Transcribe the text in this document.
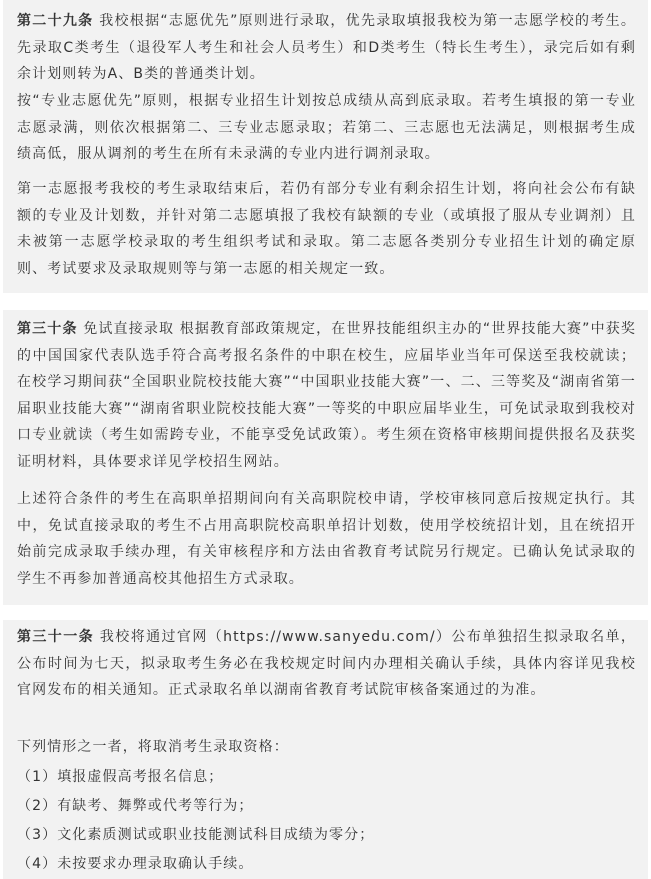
第二十九条 我校根据“志愿优先”原则进行录取，优先录取填报我校为第一志愿学校的考生。先录取C类考生（退役军人考生和社会人员考生）和D类考生（特长生考生），录完后如有剩余计划则转为A、B类的普通类计划。

按“专业志愿优先”原则，根据专业招生计划按总成绩从高到底录取。若考生填报的第一专业志愿录满，则依次根据第二、三专业志愿录取；若第二、三志愿也无法满足，则根据考生成绩高低，服从调剂的考生在所有未录满的专业内进行调剂录取。

第一志愿报考我校的考生录取结束后，若仍有部分专业有剩余招生计划，将向社会公布有缺额的专业及计划数，并针对第二志愿填报了我校有缺额的专业（或填报了服从专业调剂）且未被第一志愿学校录取的考生组织考试和录取。第二志愿各类别分专业招生计划的确定原则、考试要求及录取规则等与第一志愿的相关规定一致。

第三十条 免试直接录取 根据教育部政策规定，在世界技能组织主办的“世界技能大赛”中获奖的中国国家代表队选手符合高考报名条件的中职在校生，应届毕业当年可保送至我校就读；在校学习期间获“全国职业院校技能大赛”“中国职业技能大赛”一、二、三等奖及“湖南省第一届职业技能大赛”“湖南省职业院校技能大赛”一等奖的中职应届毕业生，可免试录取到我校对口专业就读（考生如需跨专业，不能享受免试政策）。考生须在资格审核期间提供报名及获奖证明材料，具体要求详见学校招生网站。

上述符合条件的考生在高职单招期间向有关高职院校申请，学校审核同意后按规定执行。其中，免试直接录取的考生不占用高职院校高职单招计划数，使用学校统招计划，且在统招开始前完成录取手续办理，有关审核程序和方法由省教育考试院另行规定。已确认免试录取的学生不再参加普通高校其他招生方式录取。

第三十一条 我校将通过官网（https://www.sanyedu.com/）公布单独招生拟录取名单，公布时间为七天，拟录取考生务必在我校规定时间内办理相关确认手续，具体内容详见我校官网发布的相关通知。正式录取名单以湖南省教育考试院审核备案通过的为准。

下列情形之一者，将取消考生录取资格：

（1）填报虚假高考报名信息；

（2）有缺考、舞弊或代考等行为；

（3）文化素质测试或职业技能测试科目成绩为零分；

（4）未按要求办理录取确认手续。
